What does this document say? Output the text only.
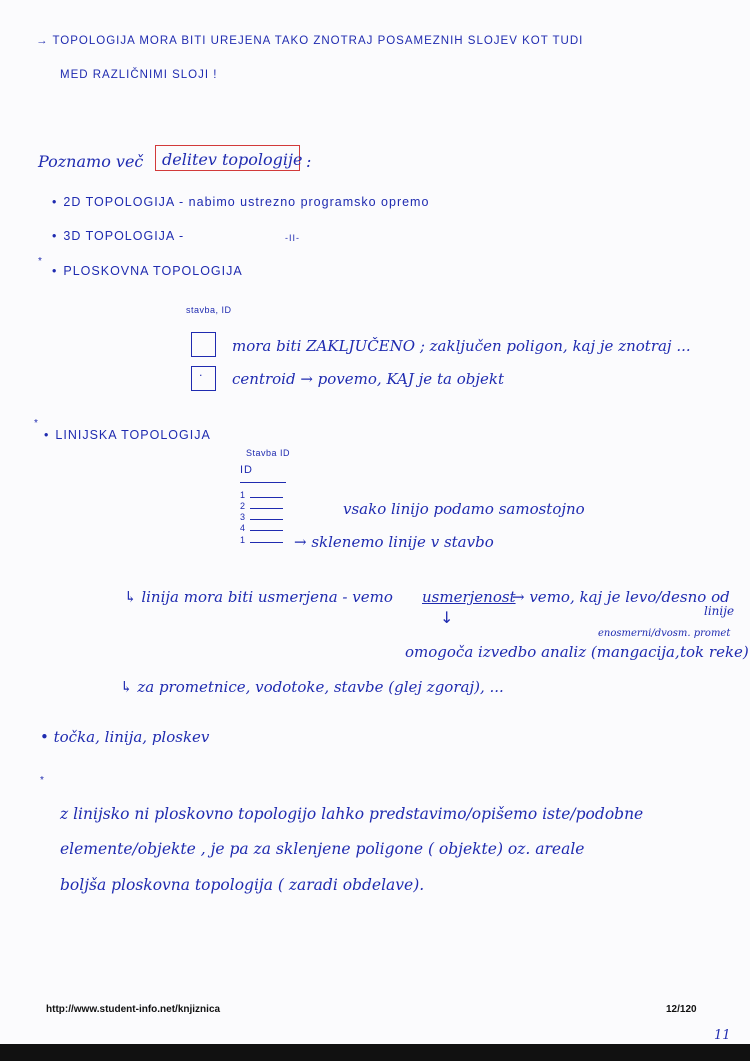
→ TOPOLOGIJA MORA BITI UREJENA TAKO ZNOTRAJ POSAMEZNIH SLOJEV KOT TUDI
MED RAZLIČNIMI SLOJI !
Poznamo več delitev topologije :
• 2D TOPOLOGIJA - nabimo ustrezno programsko opremo
• 3D TOPOLOGIJA -	-II-
*
• PLOSKOVNA TOPOLOGIJA
stavba, ID
mora biti ZAKLJUČENO ; zaključen poligon, kaj je znotraj ...
· centroid → povemo, KAJ je ta objekt
*
• LINIJSKA TOPOLOGIJA
Stavba ID
ID
1
2
3
4
1
vsako linijo podamo samostojno
→ sklenemo linije v stavbo
↳ linija mora biti usmerjena - vemo usmerjenost
→ vemo, kaj je levo/desno od
linije
↓
enosmerni/dvosm. promet
omogoča izvedbo analiz (mangacija, tok reke)
↳ za prometnice, vodotoke, stavbe (glej zgoraj), ...
• točka, linija, ploskev
*
z linijsko ni ploskovno topologijo lahko predstavimo/opišemo iste/podobne
elemente/objekte , je pa za sklenjene poligone ( objekte) oz. areale
boljša ploskovna topologija ( zaradi obdelave).
http://www.student-info.net/knjiznica	12/120
11
